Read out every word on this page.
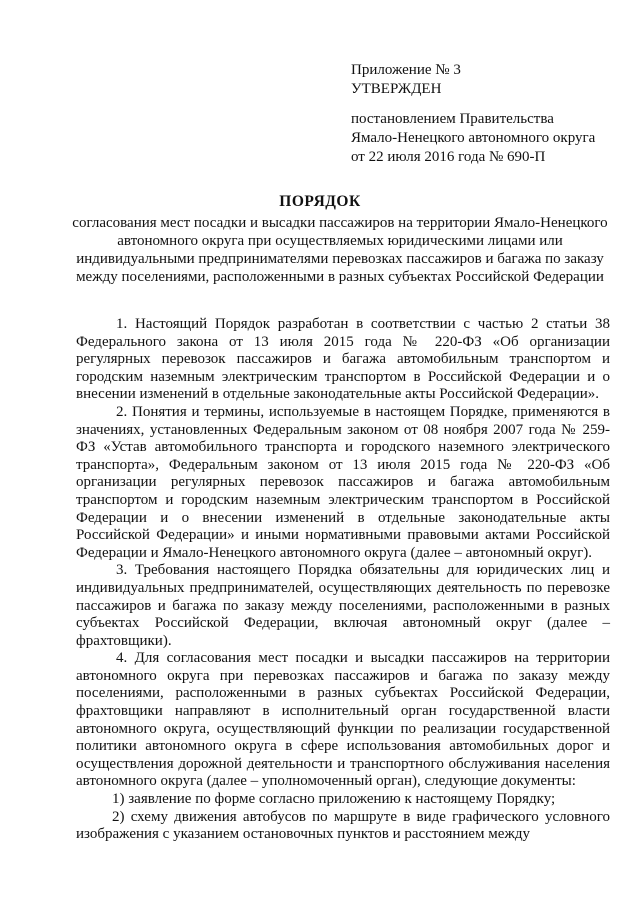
Приложение № 3
УТВЕРЖДЕН
постановлением Правительства
Ямало-Ненецкого автономного округа
от 22 июля 2016 года № 690-П
ПОРЯДОК
согласования мест посадки и высадки пассажиров на территории Ямало-Ненецкого автономного округа при осуществляемых юридическими лицами или индивидуальными предпринимателями перевозках пассажиров и багажа по заказу между поселениями, расположенными в разных субъектах Российской Федерации

1. Настоящий Порядок разработан в соответствии с частью 2 статьи 38 Федерального закона от 13 июля 2015 года № 220-ФЗ «Об организации регулярных перевозок пассажиров и багажа автомобильным транспортом и городским наземным электрическим транспортом в Российской Федерации и о внесении изменений в отдельные законодательные акты Российской Федерации».

2. Понятия и термины, используемые в настоящем Порядке, применяются в значениях, установленных Федеральным законом от 08 ноября 2007 года № 259-ФЗ «Устав автомобильного транспорта и городского наземного электрического транспорта», Федеральным законом от 13 июля 2015 года № 220-ФЗ «Об организации регулярных перевозок пассажиров и багажа автомобильным транспортом и городским наземным электрическим транспортом в Российской Федерации и о внесении изменений в отдельные законодательные акты Российской Федерации» и иными нормативными правовыми актами Российской Федерации и Ямало-Ненецкого автономного округа (далее – автономный округ).

3. Требования настоящего Порядка обязательны для юридических лиц и индивидуальных предпринимателей, осуществляющих деятельность по перевозке пассажиров и багажа по заказу между поселениями, расположенными в разных субъектах Российской Федерации, включая автономный округ (далее – фрахтовщики).

4. Для согласования мест посадки и высадки пассажиров на территории автономного округа при перевозках пассажиров и багажа по заказу между поселениями, расположенными в разных субъектах Российской Федерации, фрахтовщики направляют в исполнительный орган государственной власти автономного округа, осуществляющий функции по реализации государственной политики автономного округа в сфере использования автомобильных дорог и осуществления дорожной деятельности и транспортного обслуживания населения автономного округа (далее – уполномоченный орган), следующие документы:

1) заявление по форме согласно приложению к настоящему Порядку;

2) схему движения автобусов по маршруте в виде графического условного изображения с указанием остановочных пунктов и расстоянием между
